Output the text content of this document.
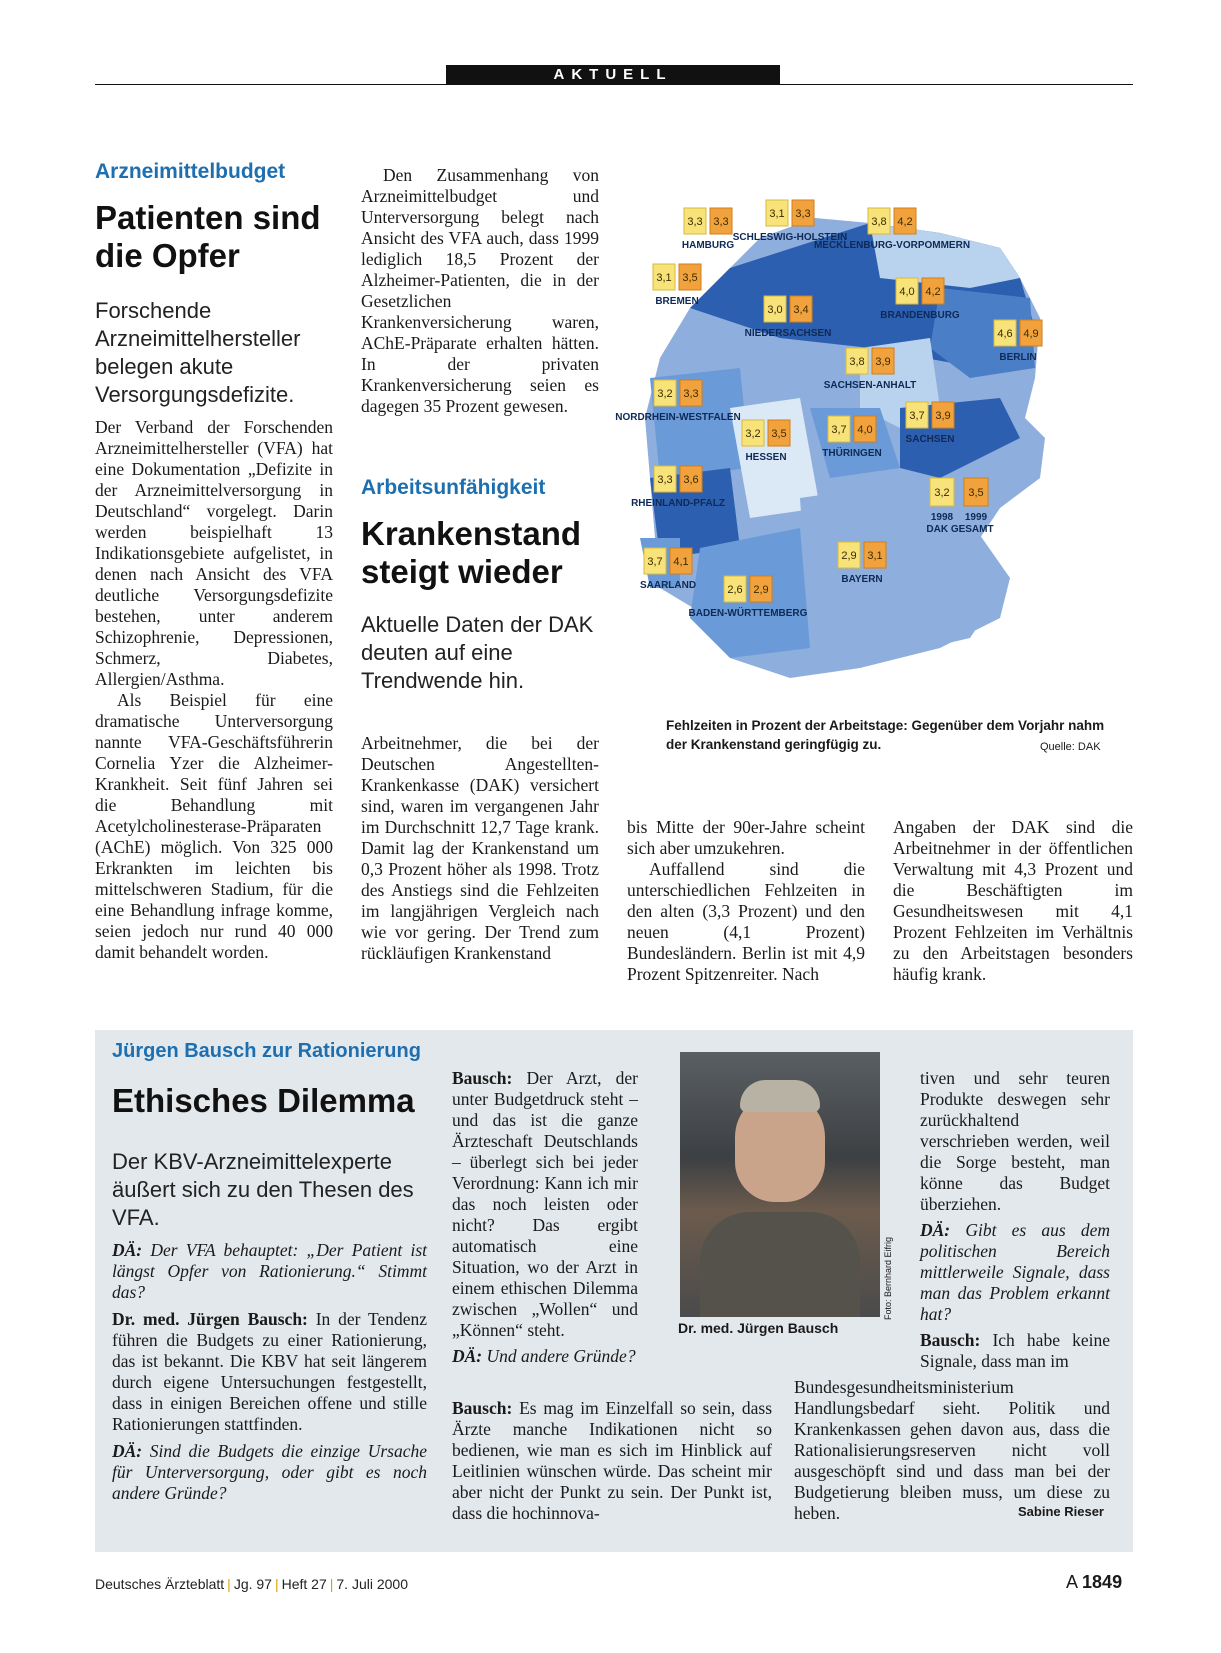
AKTUELL
Arzneimittelbudget
Patienten sind die Opfer
Forschende Arzneimittelhersteller belegen akute Versorgungsdefizite.

Der Verband der Forschenden Arzneimittelhersteller (VFA) hat eine Dokumentation „Defizite in der Arzneimittelversorgung in Deutschland“ vorgelegt. Darin werden beispielhaft 13 Indikationsgebiete aufgelistet, in denen nach Ansicht des VFA deutliche Versorgungsdefizite bestehen, unter anderem Schizophrenie, Depressionen, Schmerz, Diabetes, Allergien/Asthma.

Als Beispiel für eine dramatische Unterversorgung nannte VFA-Geschäftsführerin Cornelia Yzer die Alzheimer-Krankheit. Seit fünf Jahren sei die Behandlung mit Acetylcholinesterase-Präparaten (AChE) möglich. Von 325 000 Erkrankten im leichten bis mittelschweren Stadium, für die eine Behandlung infrage komme, seien jedoch nur rund 40 000 damit behandelt worden.

Den Zusammenhang von Arzneimittelbudget und Unterversorgung belegt nach Ansicht des VFA auch, dass 1999 lediglich 18,5 Prozent der Alzheimer-Patienten, die in der Gesetzlichen Krankenversicherung waren, AChE-Präparate erhalten hätten. In der privaten Krankenversicherung seien es dagegen 35 Prozent gewesen.

Arbeitsunfähigkeit
Krankenstand steigt wieder
Aktuelle Daten der DAK deuten auf eine Trendwende hin.

Arbeitnehmer, die bei der Deutschen Angestellten-Krankenkasse (DAK) versichert sind, waren im vergangenen Jahr im Durchschnitt 12,7 Tage krank. Damit lag der Krankenstand um 0,3 Prozent höher als 1998. Trotz des Anstiegs sind die Fehlzeiten im langjährigen Vergleich nach wie vor gering. Der Trend zum rückläufigen Krankenstand

bis Mitte der 90er-Jahre scheint sich aber umzukehren.

Auffallend sind die unterschiedlichen Fehlzeiten in den alten (3,3 Prozent) und den neuen (4,1 Prozent) Bundesländern. Berlin ist mit 4,9 Prozent Spitzenreiter. Nach

Angaben der DAK sind die Arbeitnehmer in der öffentlichen Verwaltung mit 4,3 Prozent und die Beschäftigten im Gesundheitswesen mit 4,1 Prozent Fehlzeiten im Verhältnis zu den Arbeitstagen besonders häufig krank.

3,3 3,3
HAMBURG
3,1 3,3
SCHLESWIG-HOLSTEIN
3,8 4,2
MECKLENBURG-VORPOMMERN
3,1 3,5
BREMEN
3,0 3,4
NIEDERSACHSEN
4,0 4,2
BRANDENBURG
4,6 4,9
BERLIN
3,8 3,9
SACHSEN-ANHALT
3,2 3,3
NORDRHEIN-WESTFALEN
3,2 3,5
HESSEN
3,7 4,0
THÜRINGEN
3,7 3,9
SACHSEN
3,3 3,6
RHEINLAND-PFALZ
3,7 4,1
SAARLAND	2,6 2,9
BADEN-WÜRTTEMBERG
2,9 3,1
BAYERN
3,2 3,5
1998 1999
DAK GESAMT
Fehlzeiten in Prozent der Arbeitstage: Gegenüber dem Vorjahr nahm der Krankenstand geringfügig zu.	Quelle: DAK
Jürgen Bausch zur Rationierung
Ethisches Dilemma
Der KBV-Arzneimittelexperte äußert sich zu den Thesen des VFA.

DÄ: Der VFA behauptet: „Der Patient ist längst Opfer von Rationierung.“ Stimmt das?

Dr. med. Jürgen Bausch: In der Tendenz führen die Budgets zu einer Rationierung, das ist bekannt. Die KBV hat seit längerem durch eigene Untersuchungen festgestellt, dass in einigen Bereichen offene und stille Rationierungen stattfinden.

DÄ: Sind die Budgets die einzige Ursache für Unterversorgung, oder gibt es noch andere Gründe?

Bausch: Der Arzt, der unter Budgetdruck steht – und das ist die ganze Ärzteschaft Deutschlands – überlegt sich bei jeder Verordnung: Kann ich mir das noch leisten oder nicht? Das ergibt automatisch eine Situation, wo der Arzt in einem ethischen Dilemma zwischen „Wollen“ und „Können“ steht.

DÄ: Und andere Gründe?

Bausch: Es mag im Einzelfall so sein, dass Ärzte manche Indikationen nicht so bedienen, wie man es sich im Hinblick auf Leitlinien wünschen würde. Das scheint mir aber nicht der Punkt zu sein. Der Punkt ist, dass die hochinnova-

Foto: Bernhard Eifrig
Dr. med. Jürgen Bausch

tiven und sehr teuren Produkte deswegen sehr zurückhaltend verschrieben werden, weil die Sorge besteht, man könne das Budget überziehen.

DÄ: Gibt es aus dem politischen Bereich mittlerweile Signale, dass man das Problem erkannt hat?

Bausch: Ich habe keine Signale, dass man im

Bundesgesundheitsministerium Handlungsbedarf sieht. Politik und Krankenkassen gehen davon aus, dass die Rationalisierungsreserven nicht voll ausgeschöpft sind und dass man bei der Budgetierung bleiben muss, um diese zu heben.	Sabine Rieser
Deutsches Ärzteblatt | Jg. 97 | Heft 27 | 7. Juli 2000	A 1849
